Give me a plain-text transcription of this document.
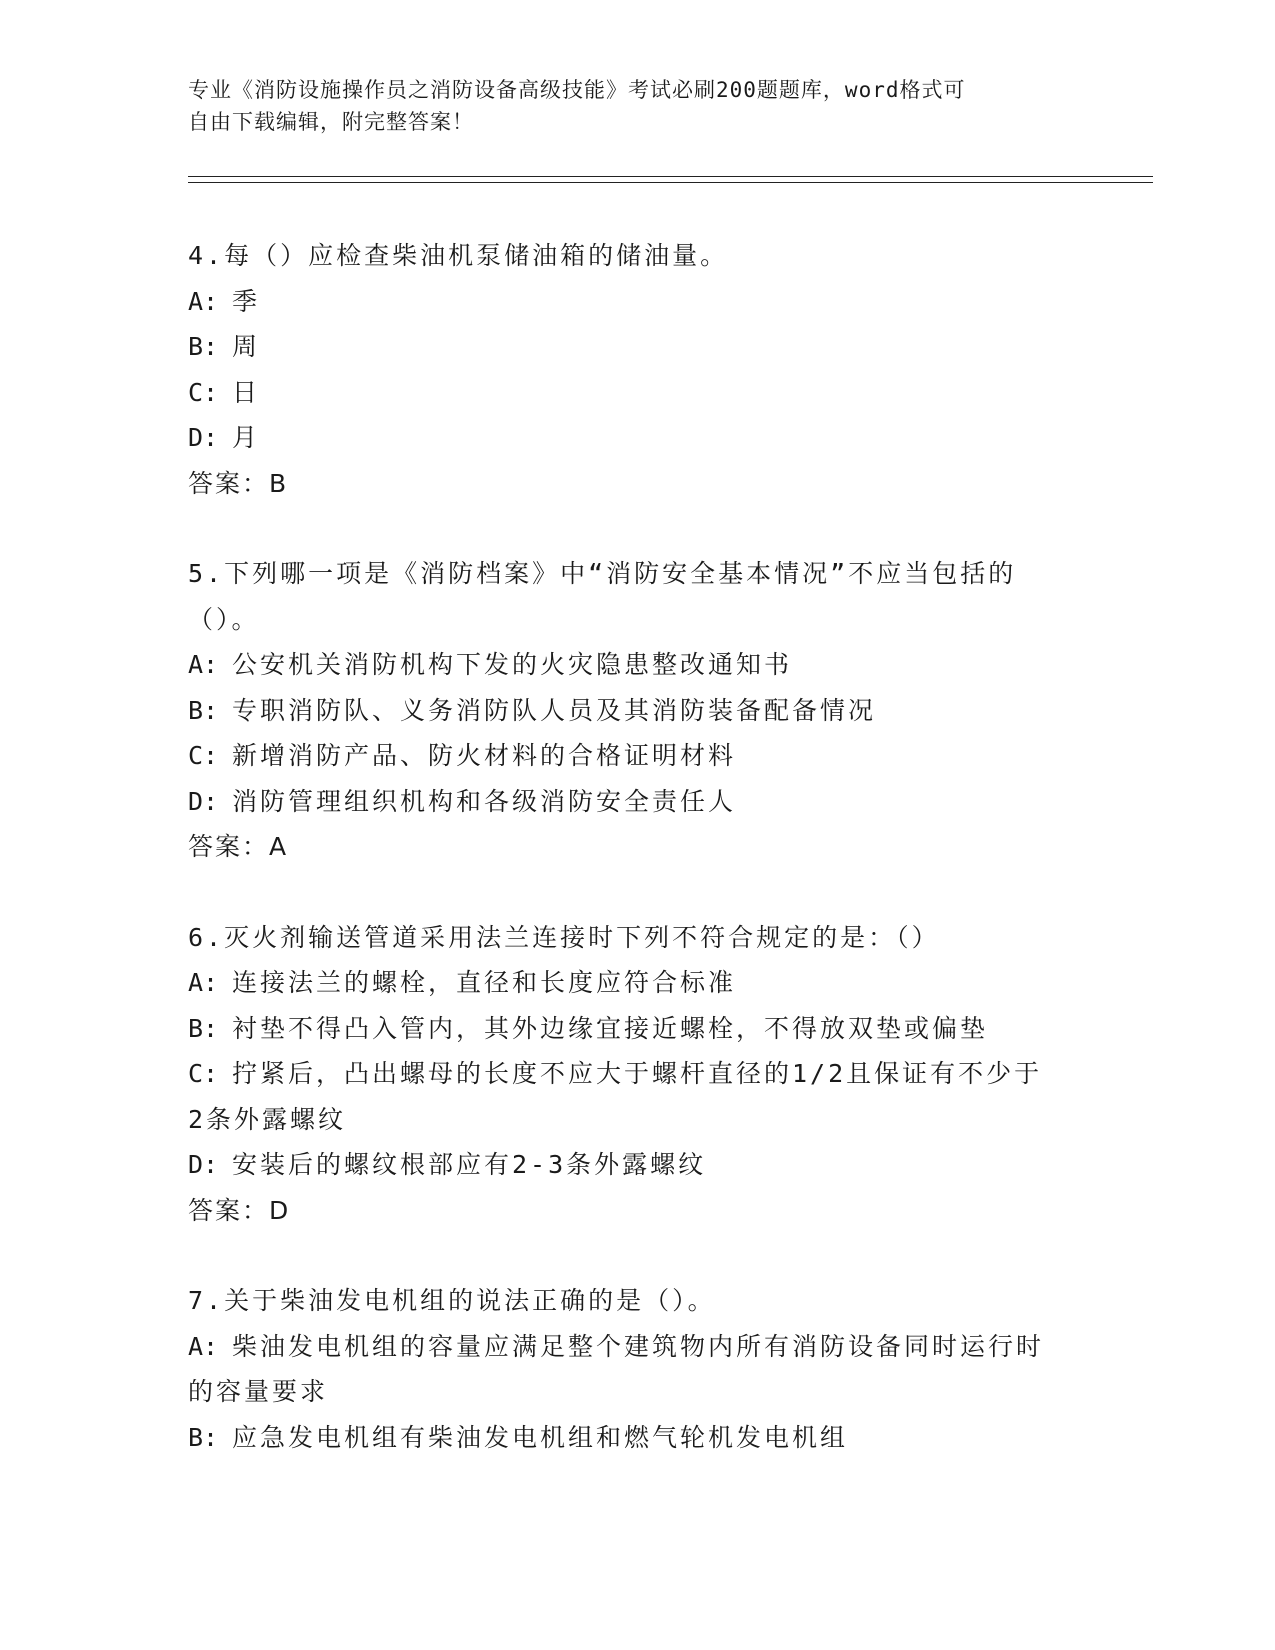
专业《消防设施操作员之消防设备高级技能》考试必刷200题题库，word格式可
自由下载编辑，附完整答案！
4.每（）应检查柴油机泵储油箱的储油量。
A: 季
B: 周
C: 日
D: 月
答案：B
5.下列哪一项是《消防档案》中“消防安全基本情况”不应当包括的
（）。
A: 公安机关消防机构下发的火灾隐患整改通知书
B: 专职消防队、义务消防队人员及其消防装备配备情况
C: 新增消防产品、防火材料的合格证明材料
D: 消防管理组织机构和各级消防安全责任人
答案：A
6.灭火剂输送管道采用法兰连接时下列不符合规定的是：（）
A: 连接法兰的螺栓，直径和长度应符合标准
B: 衬垫不得凸入管内，其外边缘宜接近螺栓，不得放双垫或偏垫
C: 拧紧后，凸出螺母的长度不应大于螺杆直径的1/2且保证有不少于
2条外露螺纹
D: 安装后的螺纹根部应有2-3条外露螺纹
答案：D
7.关于柴油发电机组的说法正确的是（）。
A: 柴油发电机组的容量应满足整个建筑物内所有消防设备同时运行时
的容量要求
B: 应急发电机组有柴油发电机组和燃气轮机发电机组
